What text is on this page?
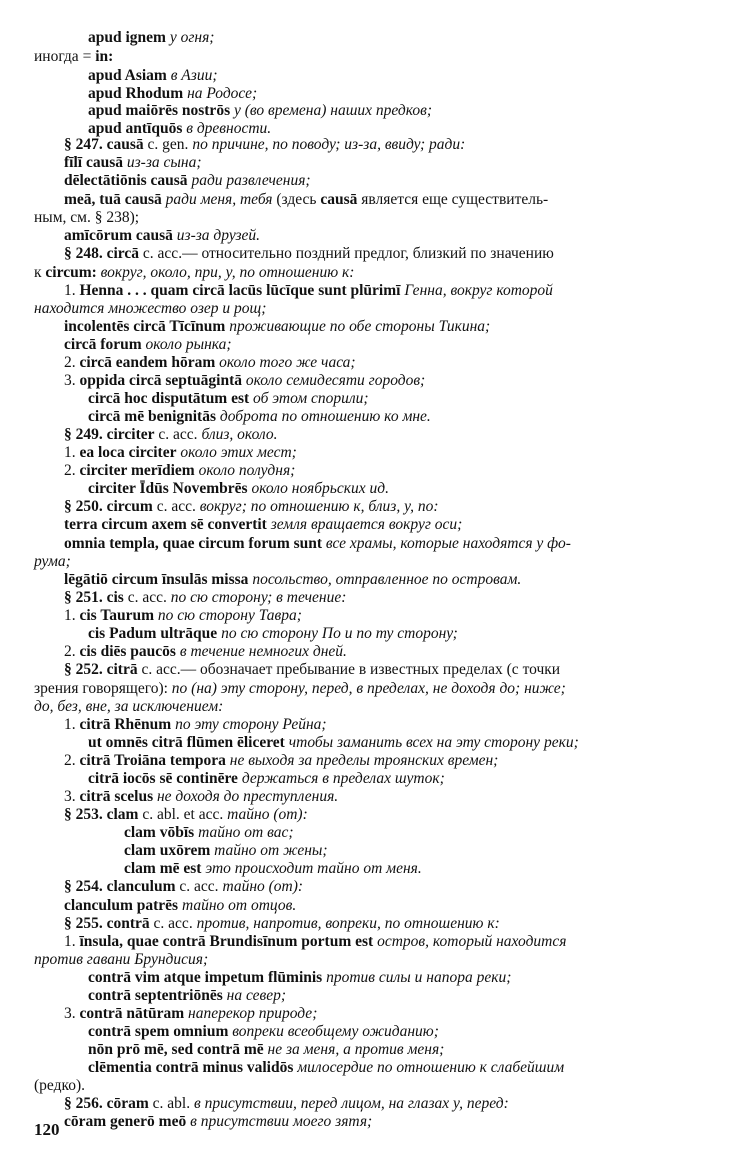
apud ignem у огня;
иногда = in:
apud Asiam в Азии;
apud Rhodum на Родосе;
apud maiōrēs nostrōs у (во времена) наших предков;
apud antīquōs в древности.
§ 247. causā c. gen. по причине, по поводу; из-за, ввиду; ради:
fīlī causā из-за сына;
dēlectātiōnis causā ради развлечения;
meā, tuā causā ради меня, тебя (здесь causā является еще существитель-
ным, см. § 238);
amīcōrum causā из-за друзей.
§ 248. circā c. acc.— относительно поздний предлог, близкий по значению
к circum: вокруг, около, при, у, по отношению к:
1. Henna . . . quam circā lacūs lūcīque sunt plūrimī Генна, вокруг которой
находится множество озер и рощ;
incolentēs circā Tīcīnum проживающие по обе стороны Тикина;
circā forum около рынка;
2. circā eandem hōram около того же часа;
3. oppida circā septuāgintā около семидесяти городов;
circā hoc disputātum est об этом спорили;
circā mē benignitās доброта по отношению ко мне.
§ 249. circiter c. acc. близ, около.
1. ea loca circiter около этих мест;
2. circiter merīdiem около полудня;
circiter Īdūs Novembrēs около ноябрьских ид.
§ 250. circum c. acc. вокруг; по отношению к, близ, у, по:
terra circum axem sē convertit земля вращается вокруг оси;
omnia templa, quae circum forum sunt все храмы, которые находятся у фо-
рума;
lēgātiō circum īnsulās missa посольство, отправленное по островам.
§ 251. cis c. acc. по сю сторону; в течение:
1. cis Taurum по сю сторону Тавра;
cis Padum ultrāque по сю сторону По и по ту сторону;
2. cis diēs paucōs в течение немногих дней.
§ 252. citrā c. acc.— обозначает пребывание в известных пределах (с точки
зрения говорящего): по (на) эту сторону, перед, в пределах, не доходя до; ниже;
до, без, вне, за исключением:
1. citrā Rhēnum по эту сторону Рейна;
ut omnēs citrā flūmen ēliceret чтобы заманить всех на эту сторону реки;
2. citrā Troiāna tempora не выходя за пределы троянских времен;
citrā iocōs sē continēre держаться в пределах шуток;
3. citrā scelus не доходя до преступления.
§ 253. clam c. abl. et acc. тайно (от):
clam vōbīs тайно от вас;
clam uxōrem тайно от жены;
clam mē est это происходит тайно от меня.
§ 254. clanculum c. acc. тайно (от):
clanculum patrēs тайно от отцов.
§ 255. contrā c. acc. против, напротив, вопреки, по отношению к:
1. īnsula, quae contrā Brundisīnum portum est остров, который находится
против гавани Брундисия;
contrā vim atque impetum flūminis против силы и напора реки;
contrā septentriōnēs на север;
3. contrā nātūram наперекор природе;
contrā spem omnium вопреки всеобщему ожиданию;
nōn prō mē, sed contrā mē не за меня, а против меня;
clēmentia contrā minus validōs милосердие по отношению к слабейшим
(редко).
§ 256. cōram c. abl. в присутствии, перед лицом, на глазах у, перед:
cōram generō meō в присутствии моего зятя;
120
